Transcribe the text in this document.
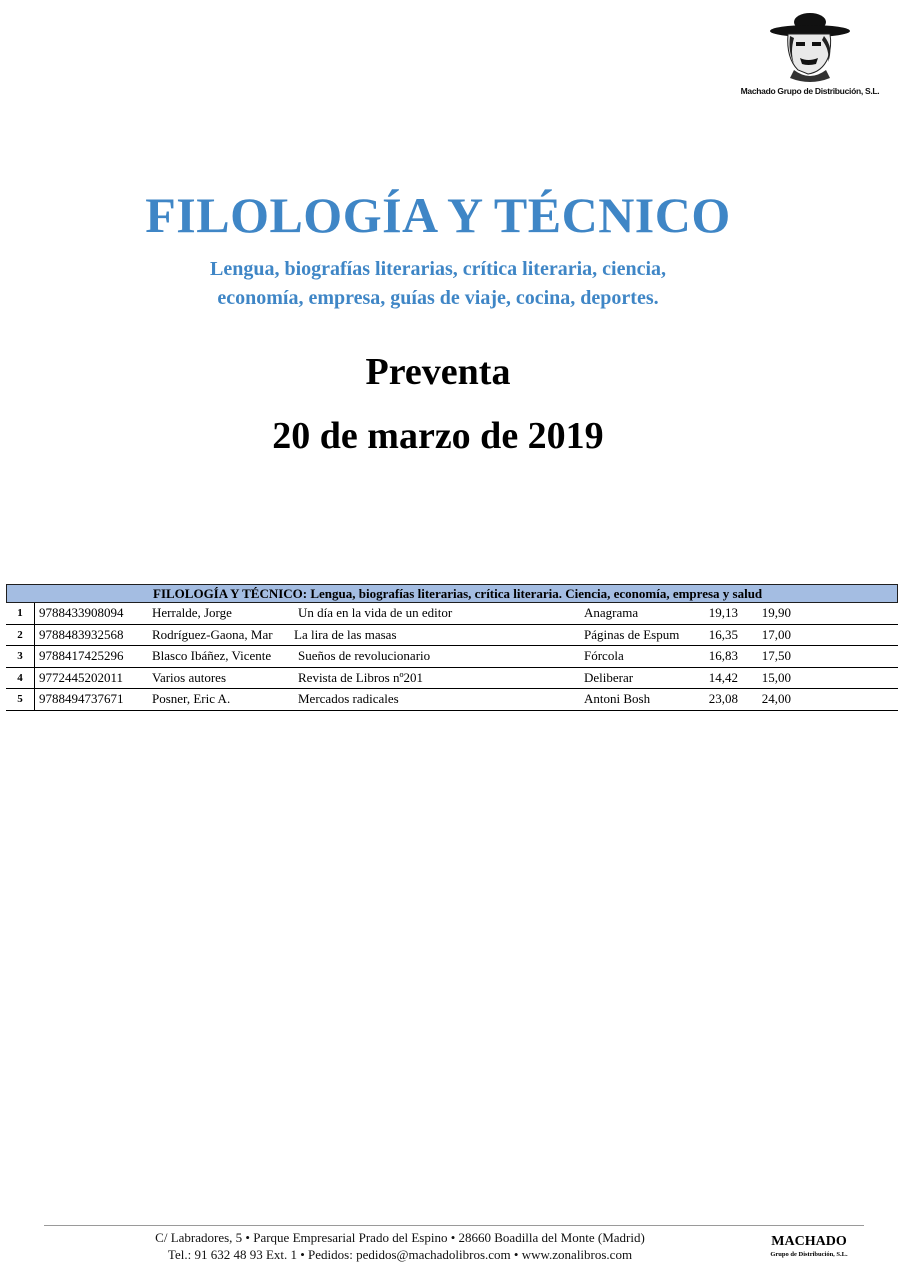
Machado Grupo de Distribución, S.L.
FILOLOGÍA Y TÉCNICO
Lengua, biografías literarias, crítica literaria, ciencia,
economía, empresa, guías de viaje, cocina, deportes.
Preventa
20 de marzo de 2019
FILOLOGÍA Y TÉCNICO: Lengua, biografías literarias, crítica literaria. Ciencia, economía, empresa y salud
1	9788433908094 Herralde, Jorge	Un día en la vida de un editor	Anagrama	19,13	19,90
2	9788483932568 Rodríguez-Gaona, Mar	La lira de las masas	Páginas de Espum	16,35	17,00
3	9788417425296 Blasco Ibáñez, Vicente	Sueños de revolucionario	Fórcola	16,83	17,50
4	9772445202011 Varios autores	Revista de Libros nº201	Deliberar	14,42	15,00
5	9788494737671 Posner, Eric A.	Mercados radicales	Antoni Bosh	23,08	24,00
C/ Labradores, 5 • Parque Empresarial Prado del Espino • 28660 Boadilla del Monte (Madrid)
Tel.: 91 632 48 93 Ext. 1 • Pedidos: pedidos@machadolibros.com • www.zonalibros.com
MACHADO
Grupo de Distribución, S.L.
